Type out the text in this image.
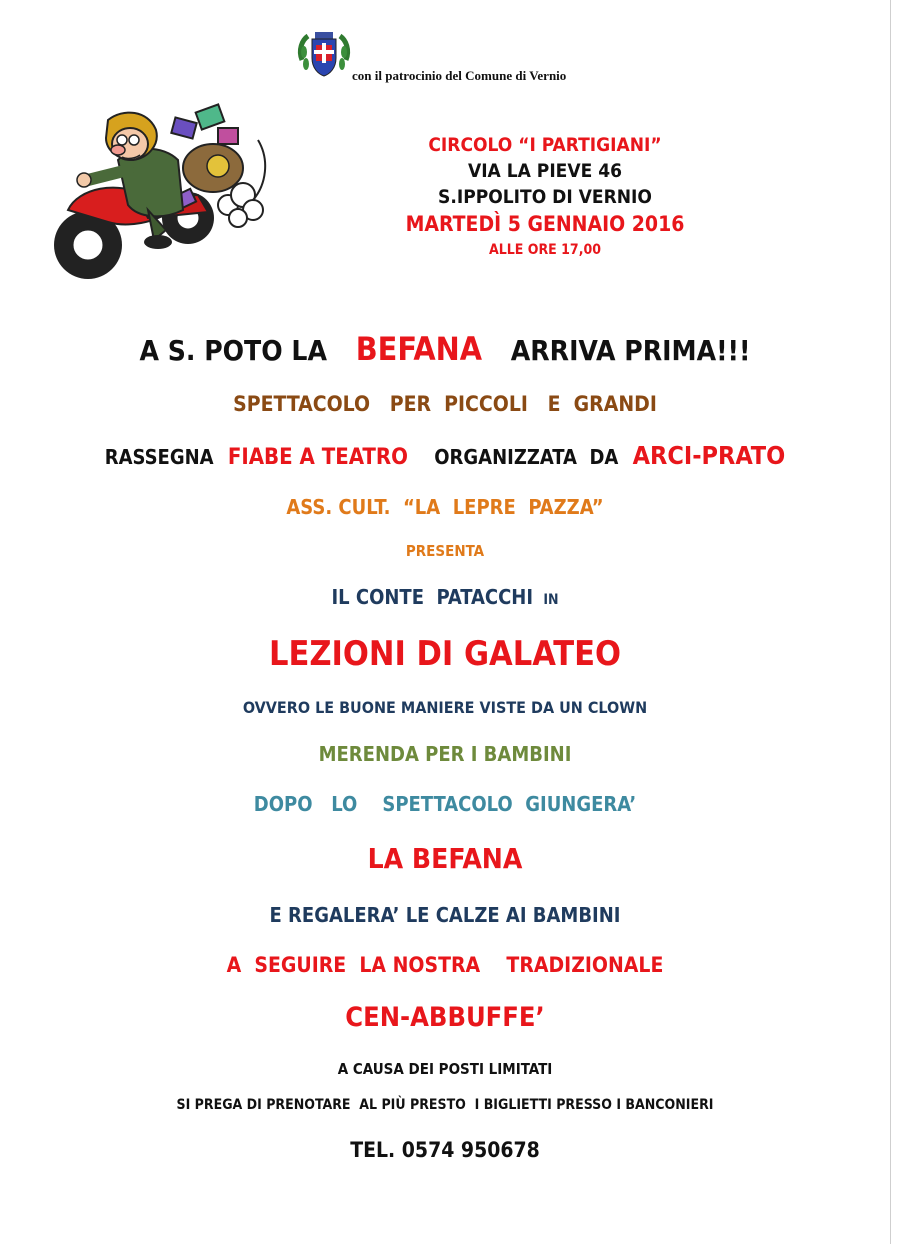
con il patrocinio del Comune di Vernio
CIRCOLO “I PARTIGIANI”
VIA LA PIEVE 46
S.IPPOLITO DI VERNIO
MARTEDÌ 5 GENNAIO 2016
ALLE ORE 17,00
A S. POTO LA BEFANA ARRIVA PRIMA!!!
SPETTACOLO   PER  PICCOLI   E  GRANDI
RASSEGNA FIABE A TEATRO ORGANIZZATA  DA ARCI-PRATO
ASS. CULT.  “LA  LEPRE  PAZZA”
PRESENTA
IL CONTE  PATACCHI IN
LEZIONI DI GALATEO
OVVERO LE BUONE MANIERE VISTE DA UN CLOWN
MERENDA PER I BAMBINI
DOPO   LO    SPETTACOLO  GIUNGERA’
LA BEFANA
E REGALERA’ LE CALZE AI BAMBINI
A  SEGUIRE  LA NOSTRA    TRADIZIONALE
CEN-ABBUFFE’
A CAUSA DEI POSTI LIMITATI
SI PREGA DI PRENOTARE  AL PIÙ PRESTO  I BIGLIETTI PRESSO I BANCONIERI
TEL. 0574 950678
